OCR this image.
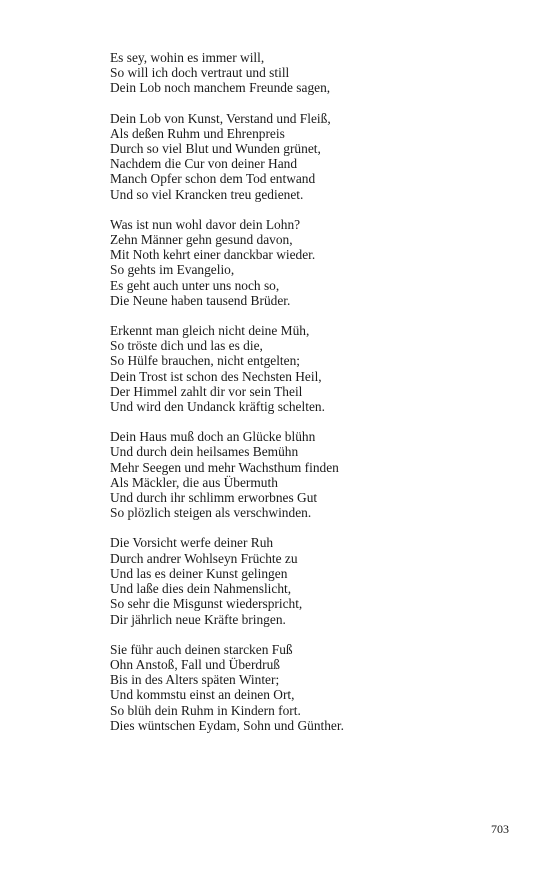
Es sey, wohin es immer will,
So will ich doch vertraut und still
Dein Lob noch manchem Freunde sagen,
Dein Lob von Kunst, Verstand und Fleiß,
Als deßen Ruhm und Ehrenpreis
Durch so viel Blut und Wunden grünet,
Nachdem die Cur von deiner Hand
Manch Opfer schon dem Tod entwand
Und so viel Krancken treu gedienet.
Was ist nun wohl davor dein Lohn?
Zehn Männer gehn gesund davon,
Mit Noth kehrt einer danckbar wieder.
So gehts im Evangelio,
Es geht auch unter uns noch so,
Die Neune haben tausend Brüder.
Erkennt man gleich nicht deine Müh,
So tröste dich und las es die,
So Hülfe brauchen, nicht entgelten;
Dein Trost ist schon des Nechsten Heil,
Der Himmel zahlt dir vor sein Theil
Und wird den Undanck kräftig schelten.
Dein Haus muß doch an Glücke blühn
Und durch dein heilsames Bemühn
Mehr Seegen und mehr Wachsthum finden
Als Mäckler, die aus Übermuth
Und durch ihr schlimm erworbnes Gut
So plözlich steigen als verschwinden.
Die Vorsicht werfe deiner Ruh
Durch andrer Wohlseyn Früchte zu
Und las es deiner Kunst gelingen
Und laße dies dein Nahmenslicht,
So sehr die Misgunst wiederspricht,
Dir jährlich neue Kräfte bringen.
Sie führ auch deinen starcken Fuß
Ohn Anstoß, Fall und Überdruß
Bis in des Alters späten Winter;
Und kommstu einst an deinen Ort,
So blüh dein Ruhm in Kindern fort.
Dies wüntschen Eydam, Sohn und Günther.
703
